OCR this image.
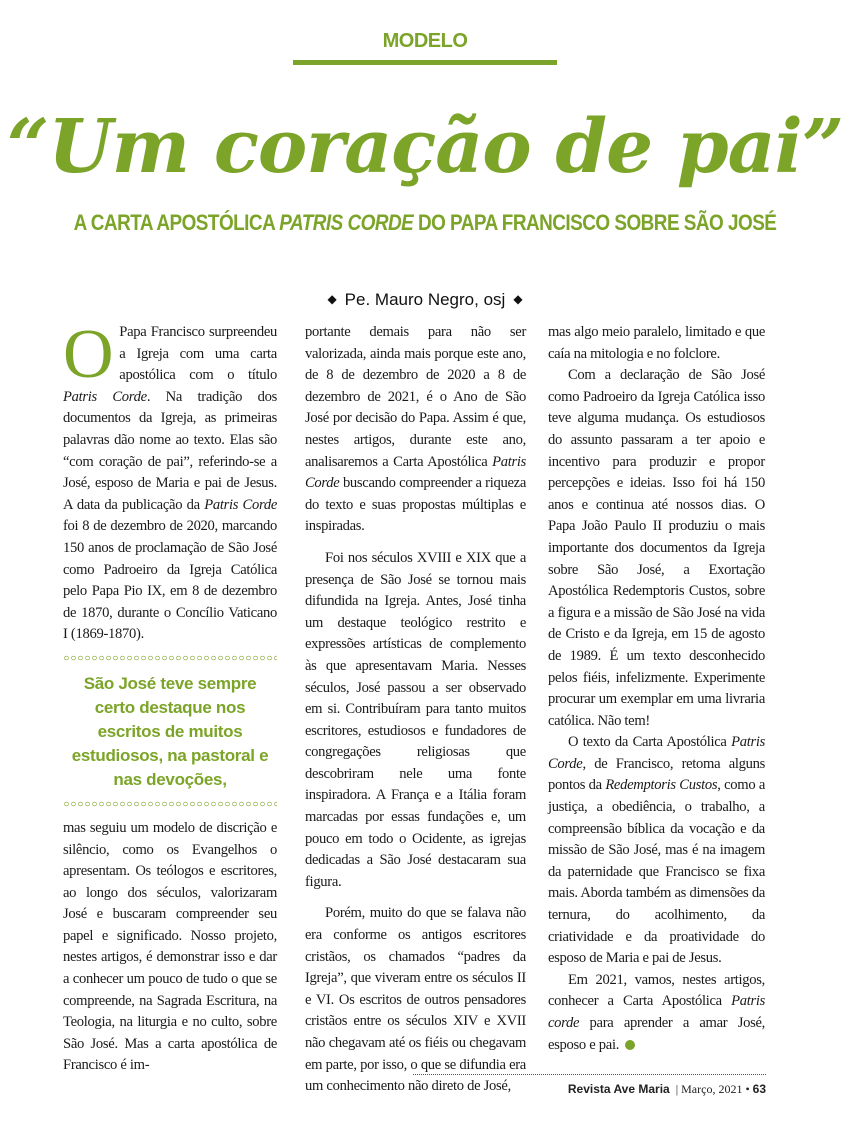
MODELO
“Um coração de pai”
A CARTA APOSTÓLICA PATRIS CORDE DO PAPA FRANCISCO SOBRE SÃO JOSÉ
◆ Pe. Mauro Negro, osj ◆

O Papa Francisco surpreendeu a Igreja com uma carta apostólica com o título Patris Corde. Na tradição dos documentos da Igreja, as primeiras palavras dão nome ao texto. Elas são “com coração de pai”, referindo-se a José, esposo de Maria e pai de Jesus. A data da publicação da Patris Corde foi 8 de dezembro de 2020, marcando 150 anos de proclamação de São José como Padroeiro da Igreja Católica pelo Papa Pio IX, em 8 de dezembro de 1870, durante o Concílio Vaticano I (1869-1870).

São José teve sempre certo destaque nos escritos de muitos estudiosos, na pastoral e nas devoções,

mas seguiu um modelo de discrição e silêncio, como os Evangelhos o apresentam. Os teólogos e escritores, ao longo dos séculos, valorizaram José e buscaram compreender seu papel e significado. Nosso projeto, nestes artigos, é demonstrar isso e dar a conhecer um pouco de tudo o que se compreende, na Sagrada Escritura, na Teologia, na liturgia e no culto, sobre São José. Mas a carta apostólica de Francisco é im-

portante demais para não ser valorizada, ainda mais porque este ano, de 8 de dezembro de 2020 a 8 de dezembro de 2021, é o Ano de São José por decisão do Papa. Assim é que, nestes artigos, durante este ano, analisaremos a Carta Apostólica Patris Corde buscando compreender a riqueza do texto e suas propostas múltiplas e inspiradas.

Foi nos séculos XVIII e XIX que a presença de São José se tornou mais difundida na Igreja. Antes, José tinha um destaque teológico restrito e expressões artísticas de complemento às que apresentavam Maria. Nesses séculos, José passou a ser observado em si. Contribuíram para tanto muitos escritores, estudiosos e fundadores de congregações religiosas que descobriram nele uma fonte inspiradora. A França e a Itália foram marcadas por essas fundações e, um pouco em todo o Ocidente, as igrejas dedicadas a São José destacaram sua figura.

Porém, muito do que se falava não era conforme os antigos escritores cristãos, os chamados “padres da Igreja”, que viveram entre os séculos II e VI. Os escritos de outros pensadores cristãos entre os séculos XIV e XVII não chegavam até os fiéis ou chegavam em parte, por isso, o que se difundia era um conhecimento não direto de José,

mas algo meio paralelo, limitado e que caía na mitologia e no folclore.

Com a declaração de São José como Padroeiro da Igreja Católica isso teve alguma mudança. Os estudiosos do assunto passaram a ter apoio e incentivo para produzir e propor percepções e ideias. Isso foi há 150 anos e continua até nossos dias. O Papa João Paulo II produziu o mais importante dos documentos da Igreja sobre São José, a Exortação Apostólica Redemptoris Custos, sobre a figura e a missão de São José na vida de Cristo e da Igreja, em 15 de agosto de 1989. É um texto desconhecido pelos fiéis, infelizmente. Experimente procurar um exemplar em uma livraria católica. Não tem!

O texto da Carta Apostólica Patris Corde, de Francisco, retoma alguns pontos da Redemptoris Custos, como a justiça, a obediência, o trabalho, a compreensão bíblica da vocação e da missão de São José, mas é na imagem da paternidade que Francisco se fixa mais. Aborda também as dimensões da ternura, do acolhimento, da criatividade e da proatividade do esposo de Maria e pai de Jesus.

Em 2021, vamos, nestes artigos, conhecer a Carta Apostólica Patris corde para aprender a amar José, esposo e pai.

Revista Ave Maria | Março, 2021 • 63
